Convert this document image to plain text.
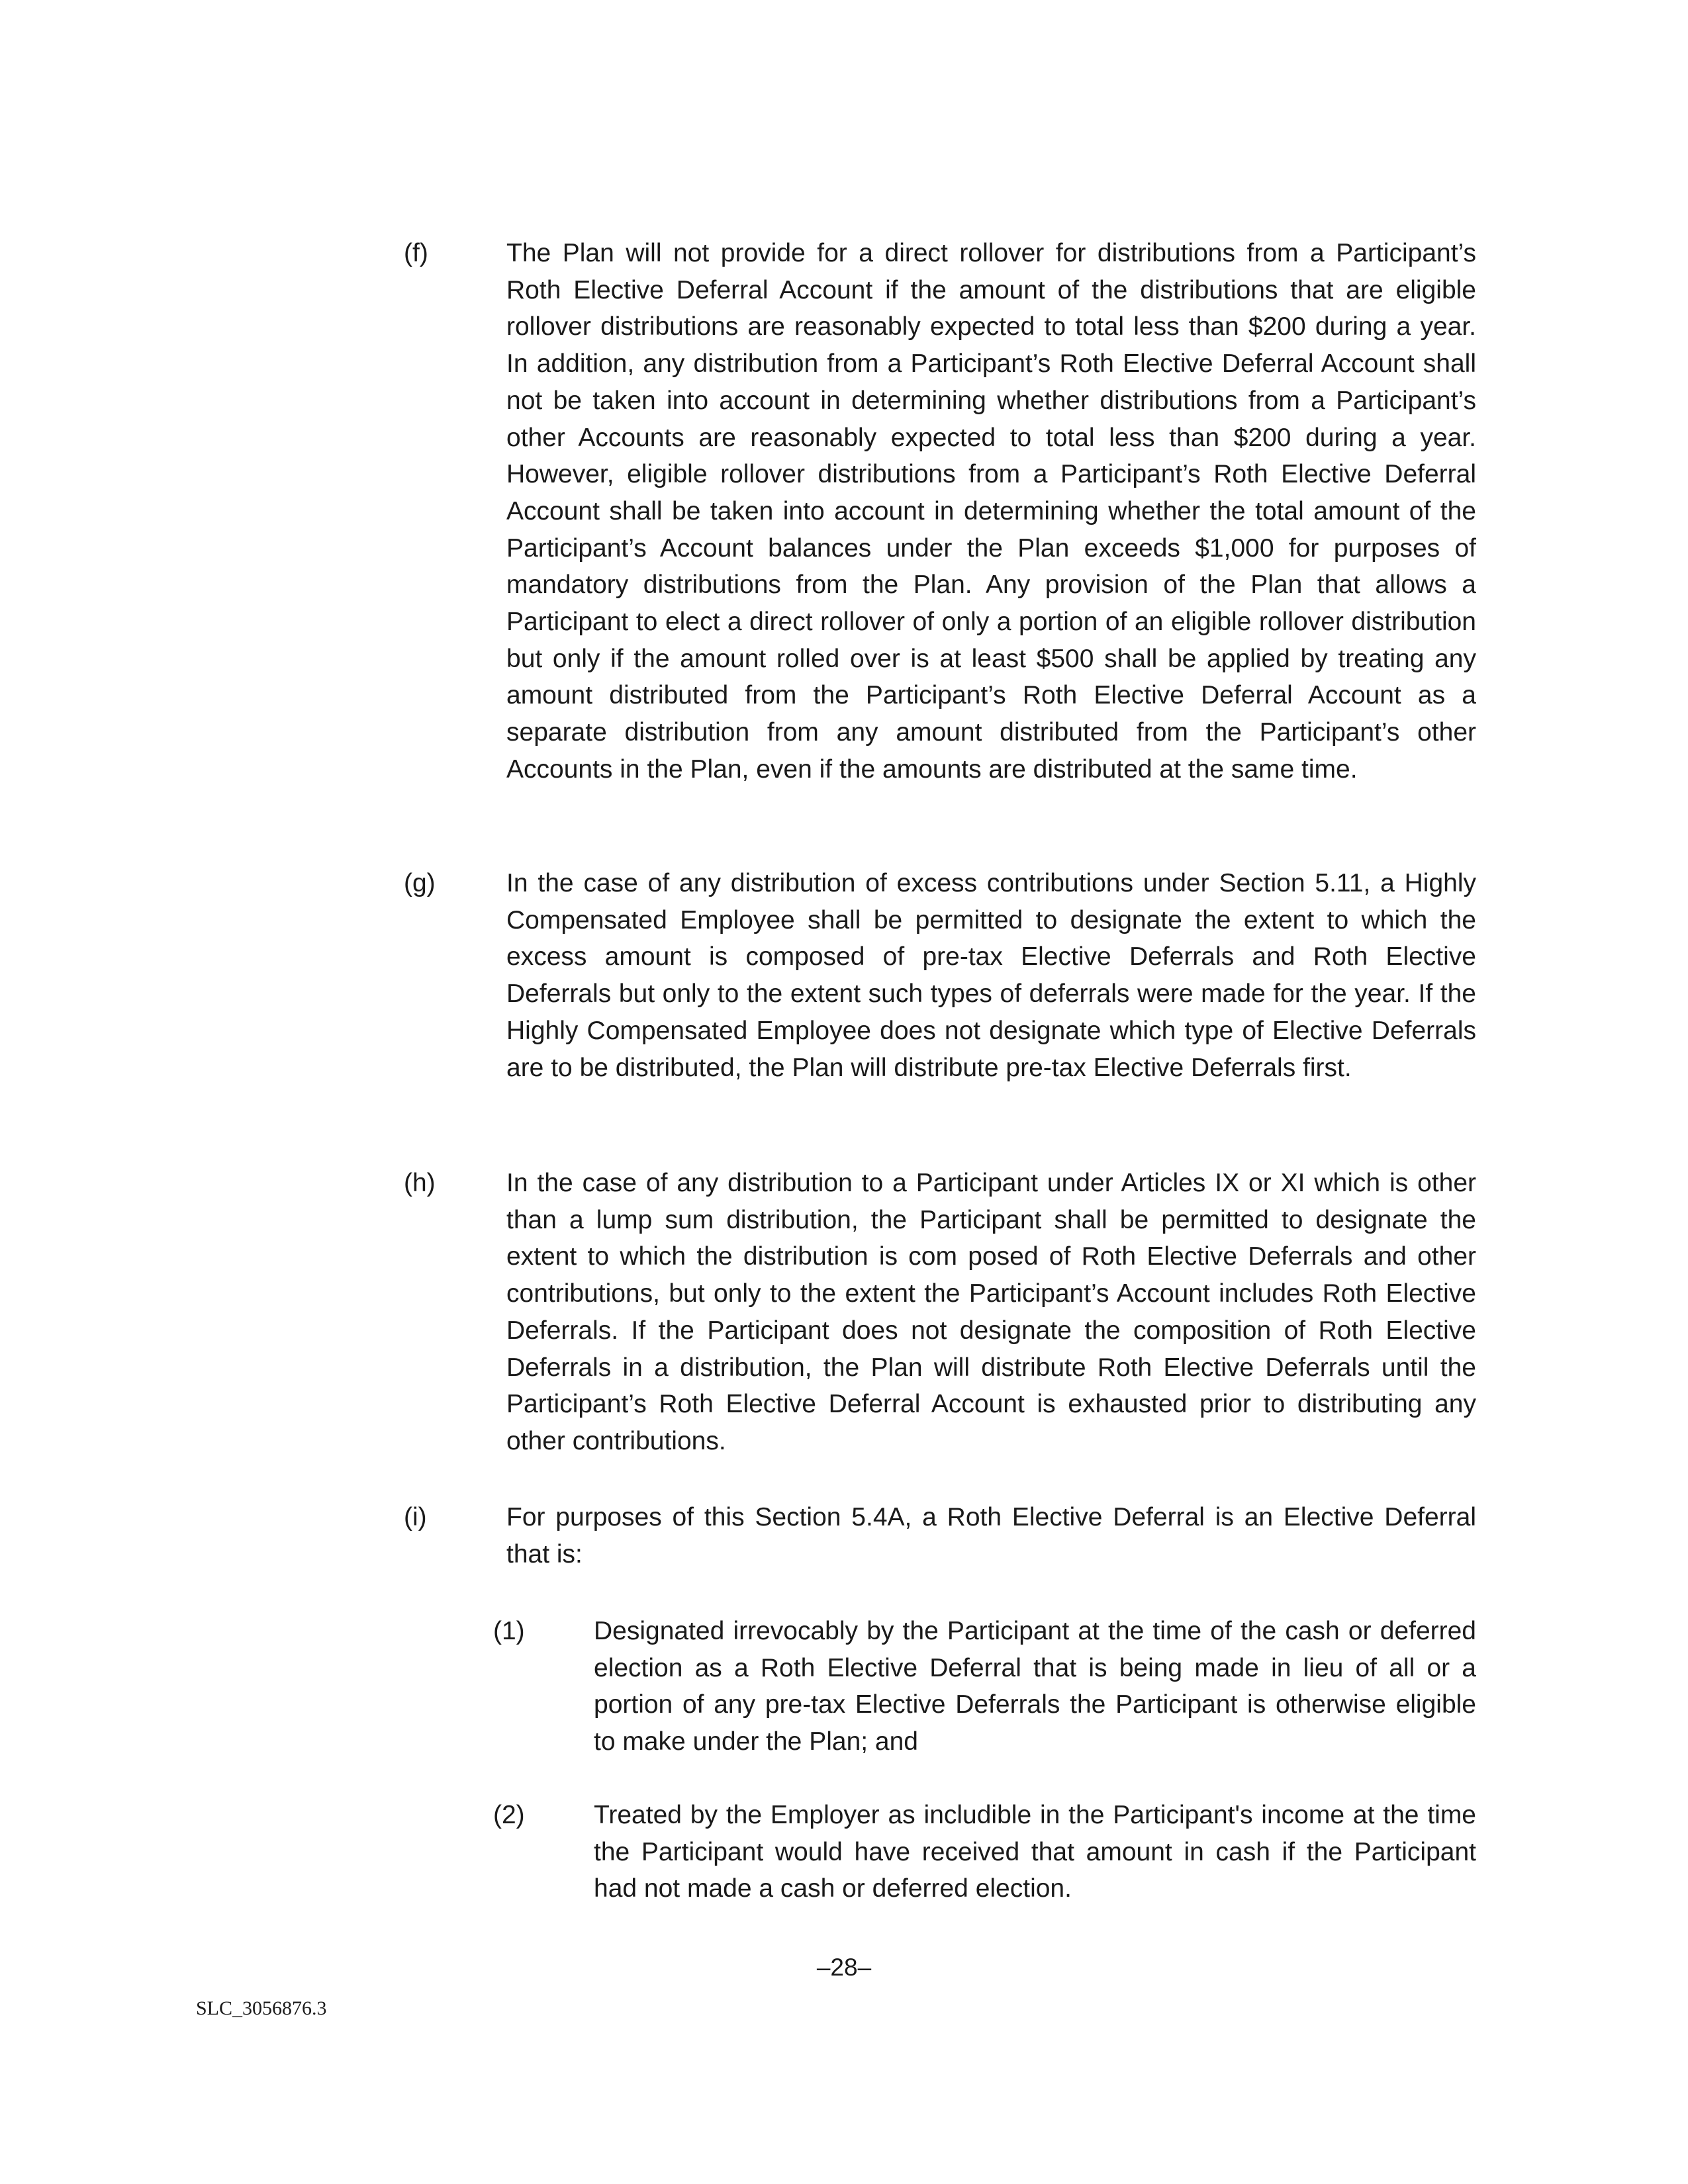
(f)	The Plan will not provide for a direct rollover for distributions from a Participant’s Roth Elective Deferral Account if the amount of the distributions that are eligible rollover distributions are reasonably expected to total less than $200 during a year. In addition, any distribution from a Participant’s Roth Elective Deferral Account shall not be taken into account in determining whether distributions from a Participant’s other Accounts are reasonably expected to total less than $200 during a year. However, eligible rollover distributions from a Participant’s Roth Elective Deferral Account shall be taken into account in determining whether the total amount of the Participant’s Account balances under the Plan exceeds $1,000 for purposes of mandatory distributions from the Plan. Any provision of the Plan that allows a Participant to elect a direct rollover of only a portion of an eligible rollover distribution but only if the amount rolled over is at least $500 shall be applied by treating any amount distributed from the Participant’s Roth Elective Deferral Account as a separate distribution from any amount distributed from the Participant’s other Accounts in the Plan, even if the amounts are distributed at the same time.
(g)	In the case of any distribution of excess contributions under Section 5.11, a Highly Compensated Employee shall be permitted to designate the extent to which the excess amount is composed of pre-tax Elective Deferrals and Roth Elective Deferrals but only to the extent such types of deferrals were made for the year. If the Highly Compensated Employee does not designate which type of Elective Deferrals are to be distributed, the Plan will distribute pre-tax Elective Deferrals first.
(h)	In the case of any distribution to a Participant under Articles IX or XI which is other than a lump sum distribution, the Participant shall be permitted to designate the extent to which the distribution is com posed of Roth Elective Deferrals and other contributions, but only to the extent the Participant’s Account includes Roth Elective Deferrals. If the Participant does not designate the composition of Roth Elective Deferrals in a distribution, the Plan will distribute Roth Elective Deferrals until the Participant’s Roth Elective Deferral Account is exhausted prior to distributing any other contributions.
(i)	For purposes of this Section 5.4A, a Roth Elective Deferral is an Elective Deferral that is:
(1)	Designated irrevocably by the Participant at the time of the cash or deferred election as a Roth Elective Deferral that is being made in lieu of all or a portion of any pre-tax Elective Deferrals the Participant is otherwise eligible to make under the Plan; and
(2)	Treated by the Employer as includible in the Participant's income at the time the Participant would have received that amount in cash if the Participant had not made a cash or deferred election.
–28–
SLC_3056876.3
